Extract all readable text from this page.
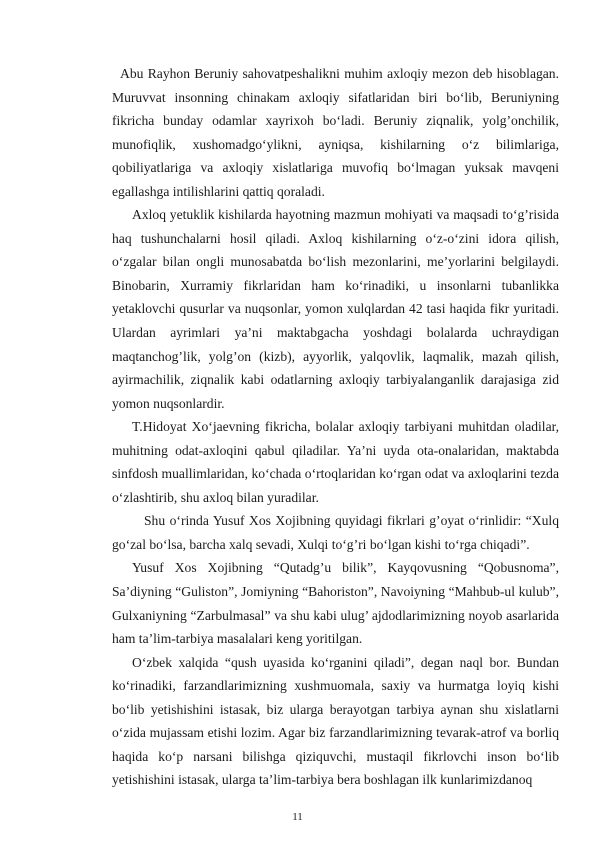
Abu Rayhon Beruniy sahovatpeshalikni muhim axloqiy mezon deb hisoblagan. Muruvvat insonning chinakam axloqiy sifatlaridan biri bo‘lib, Beruniyning fikricha bunday odamlar xayrixoh bo‘ladi. Beruniy ziqnalik, yolg’onchilik, munofiqlik, xushomadgo‘ylikni, ayniqsa, kishilarning o‘z bilimlariga, qobiliyatlariga va axloqiy xislatlariga muvofiq bo‘lmagan yuksak mavqeni egallashga intilishlarini qattiq qoraladi.

Axloq yetuklik kishilarda hayotning mazmun mohiyati va maqsadi to‘g’risida haq tushunchalarni hosil qiladi. Axloq kishilarning o‘z-o‘zini idora qilish, o‘zgalar bilan ongli munosabatda bo‘lish mezonlarini, me’yorlarini belgilaydi. Binobarin, Xurramiy fikrlaridan ham ko‘rinadiki, u insonlarni tubanlikka yetaklovchi qusurlar va nuqsonlar, yomon xulqlardan 42 tasi haqida fikr yuritadi. Ulardan ayrimlari ya’ni maktabgacha yoshdagi bolalarda uchraydigan maqtanchog’lik, yolg’on (kizb), ayyorlik, yalqovlik, laqmalik, mazah qilish, ayirmachilik, ziqnalik kabi odatlarning axloqiy tarbiyalanganlik darajasiga zid yomon nuqsonlardir.

T.Hidoyat Xo‘jaevning fikricha, bolalar axloqiy tarbiyani muhitdan oladilar, muhitning odat-axloqini qabul qiladilar. Ya’ni uyda ota-onalaridan, maktabda sinfdosh muallimlaridan, ko‘chada o‘rtoqlaridan ko‘rgan odat va axloqlarini tezda o‘zlashtirib, shu axloq bilan yuradilar.

Shu o‘rinda Yusuf Xos Xojibning quyidagi fikrlari g’oyat o‘rinlidir: “Xulq go‘zal bo‘lsa, barcha xalq sevadi, Xulqi to‘g’ri bo‘lgan kishi to‘rga chiqadi”.

Yusuf Xos Xojibning “Qutadg’u bilik”, Kayqovusning “Qobusnoma”, Sa’diyning “Guliston”, Jomiyning “Bahoriston”, Navoiyning “Mahbub-ul kulub”, Gulxaniyning “Zarbulmasal” va shu kabi ulug’ ajdodlarimizning noyob asarlarida ham ta’lim-tarbiya masalalari keng yoritilgan.

O‘zbek xalqida “qush uyasida ko‘rganini qiladi”, degan naql bor. Bundan ko‘rinadiki, farzandlarimizning xushmuomala, saxiy va hurmatga loyiq kishi bo‘lib yetishishini istasak, biz ularga berayotgan tarbiya aynan shu xislatlarni o‘zida mujassam etishi lozim. Agar biz farzandlarimizning tevarak-atrof va borliq haqida ko‘p narsani bilishga qiziquvchi, mustaqil fikrlovchi inson bo‘lib yetishishini istasak, ularga ta’lim-tarbiya bera boshlagan ilk kunlarimizdanoq

11
